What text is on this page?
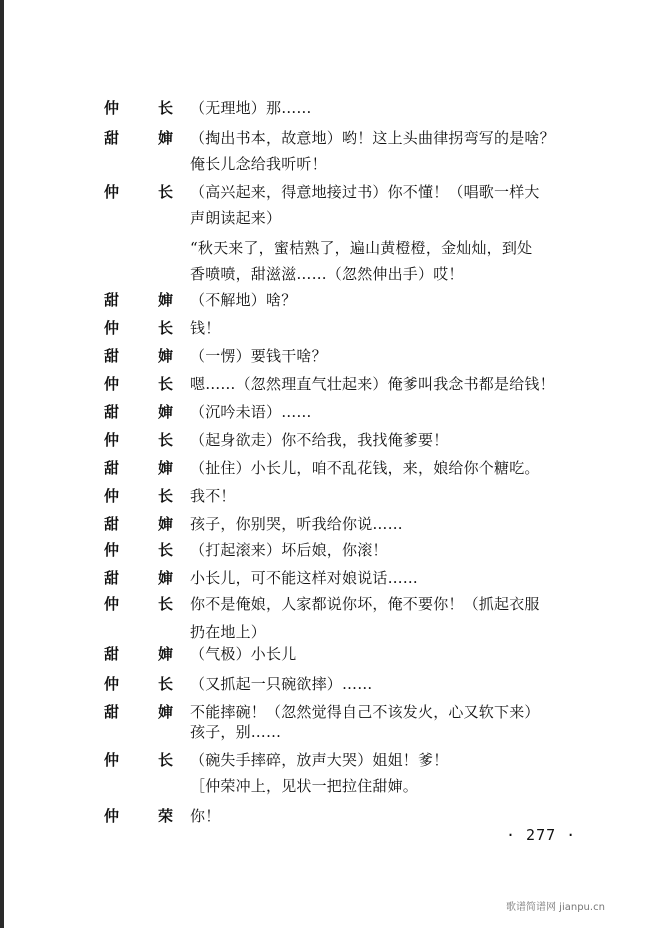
仲	长 （无理地）那……
甜	婶 （掏出书本，故意地）哟！这上头曲律拐弯写的是啥？
俺长儿念给我听听！
仲	长 （高兴起来，得意地接过书）你不懂！（唱歌一样大
声朗读起来）
“秋天来了，蜜桔熟了，遍山黄橙橙，金灿灿，到处
香喷喷，甜滋滋……（忽然伸出手）哎！
甜	婶 （不解地）啥？
仲	长 钱！
甜	婶 （一愣）要钱干啥？
仲	长 嗯……（忽然理直气壮起来）俺爹叫我念书都是给钱！
甜	婶 （沉吟未语）……
仲	长 （起身欲走）你不给我，我找俺爹要！
甜	婶 （扯住）小长儿，咱不乱花钱，来，娘给你个糖吃。
仲	长 我不！
甜	婶 孩子，你别哭，听我给你说……
仲	长 （打起滚来）坏后娘，你滚！
甜	婶 小长儿，可不能这样对娘说话……
仲	长 你不是俺娘，人家都说你坏，俺不要你！（抓起衣服
扔在地上）
甜	婶 （气极）小长儿
仲	长 （又抓起一只碗欲摔）……
甜	婶 不能摔碗！（忽然觉得自己不该发火，心又软下来）
孩子，别……
仲	长 （碗失手摔碎，放声大哭）姐姐！爹！
［仲荣冲上，见状一把拉住甜婶。
仲	荣 你！
· 277 ·
歌谱简谱网 jianpu.cn
